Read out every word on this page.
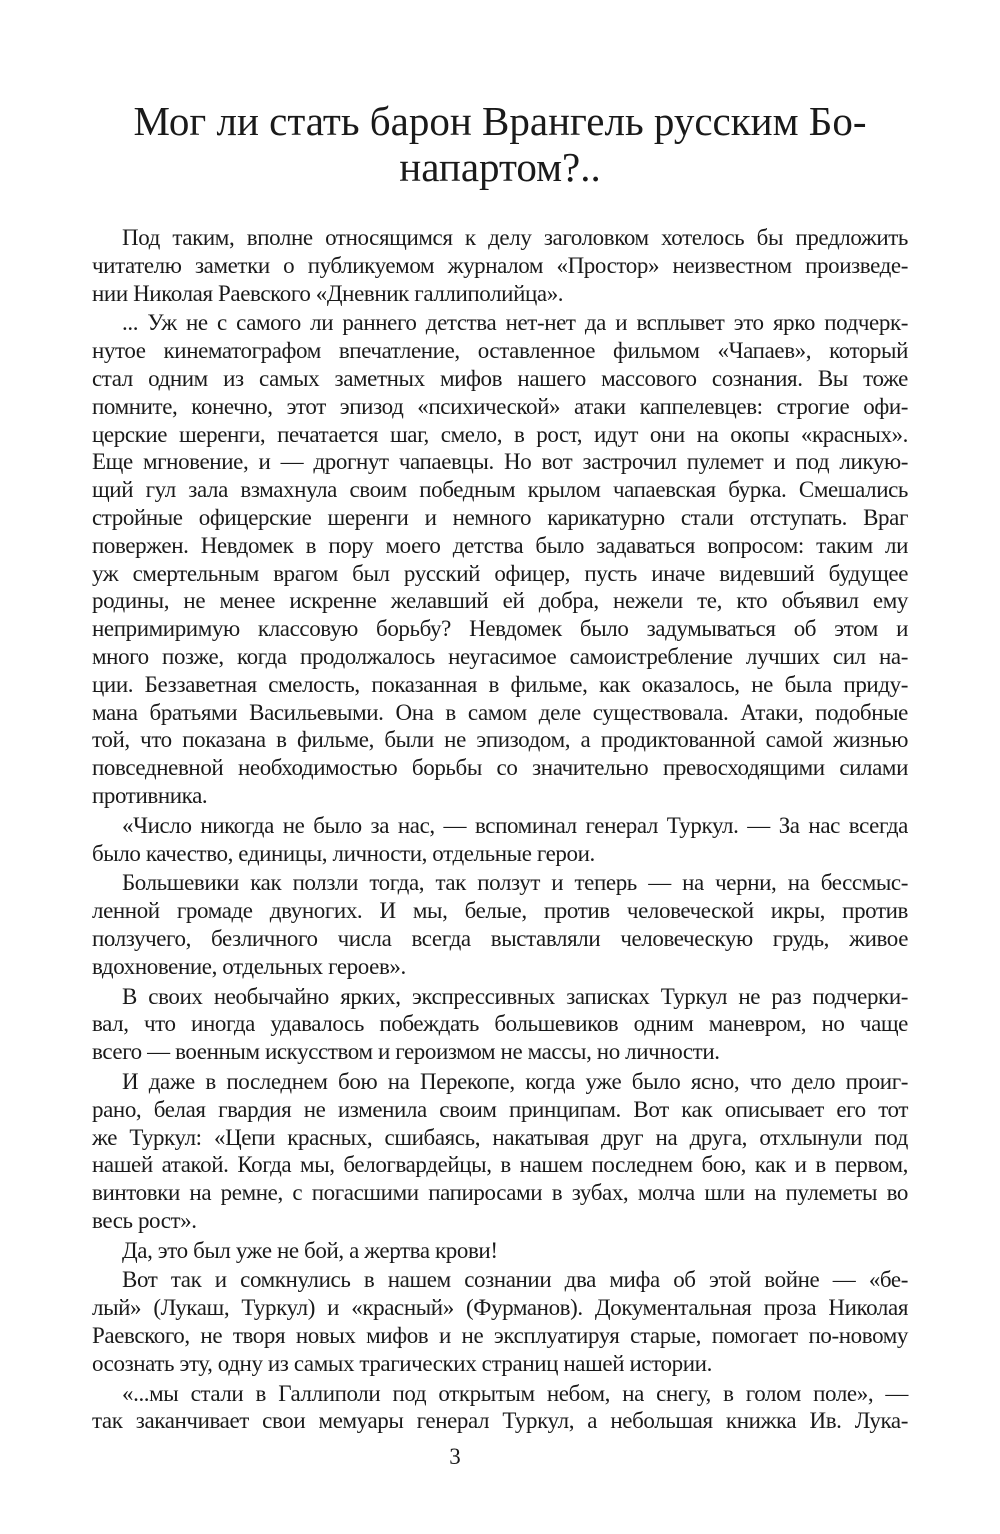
Мог ли стать барон Врангель русским Бо-
напартом?..
Под таким, вполне относящимся к делу заголовком хотелось бы предложить
читателю заметки о публикуемом журналом «Простор» неизвестном произведе-
нии Николая Раевского «Дневник галлиполийца».
... Уж не с самого ли раннего детства нет-нет да и всплывет это ярко подчерк-
нутое кинематографом впечатление, оставленное фильмом «Чапаев», который
стал одним из самых заметных мифов нашего массового сознания. Вы тоже
помните, конечно, этот эпизод «психической» атаки каппелевцев: строгие офи-
церские шеренги, печатается шаг, смело, в рост, идут они на окопы «красных».
Еще мгновение, и — дрогнут чапаевцы. Но вот застрочил пулемет и под ликую-
щий гул зала взмахнула своим победным крылом чапаевская бурка. Смешались
стройные офицерские шеренги и немного карикатурно стали отступать. Враг
повержен. Невдомек в пору моего детства было задаваться вопросом: таким ли
уж смертельным врагом был русский офицер, пусть иначе видевший будущее
родины, не менее искренне желавший ей добра, нежели те, кто объявил ему
непримиримую классовую борьбу? Невдомек было задумываться об этом и
много позже, когда продолжалось неугасимое самоистребление лучших сил на-
ции. Беззаветная смелость, показанная в фильме, как оказалось, не была приду-
мана братьями Васильевыми. Она в самом деле существовала. Атаки, подобные
той, что показана в фильме, были не эпизодом, а продиктованной самой жизнью
повседневной необходимостью борьбы со значительно превосходящими силами
противника.
«Число никогда не было за нас, — вспоминал генерал Туркул. — За нас всегда
было качество, единицы, личности, отдельные герои.
Большевики как ползли тогда, так ползут и теперь — на черни, на бессмыс-
ленной громаде двуногих. И мы, белые, против человеческой икры, против
ползучего, безличного числа всегда выставляли человеческую грудь, живое
вдохновение, отдельных героев».
В своих необычайно ярких, экспрессивных записках Туркул не раз подчерки-
вал, что иногда удавалось побеждать большевиков одним маневром, но чаще
всего — военным искусством и героизмом не массы, но личности.
И даже в последнем бою на Перекопе, когда уже было ясно, что дело проиг-
рано, белая гвардия не изменила своим принципам. Вот как описывает его тот
же Туркул: «Цепи красных, сшибаясь, накатывая друг на друга, отхлынули под
нашей атакой. Когда мы, белогвардейцы, в нашем последнем бою, как и в первом,
винтовки на ремне, с погасшими папиросами в зубах, молча шли на пулеметы во
весь рост».
Да, это был уже не бой, а жертва крови!
Вот так и сомкнулись в нашем сознании два мифа об этой войне — «бе-
лый» (Лукаш, Туркул) и «красный» (Фурманов). Документальная проза Николая
Раевского, не творя новых мифов и не эксплуатируя старые, помогает по-новому
осознать эту, одну из самых трагических страниц нашей истории.
«...мы стали в Галлиполи под открытым небом, на снегу, в голом поле», —
так заканчивает свои мемуары генерал Туркул, а небольшая книжка Ив. Лука-
3
